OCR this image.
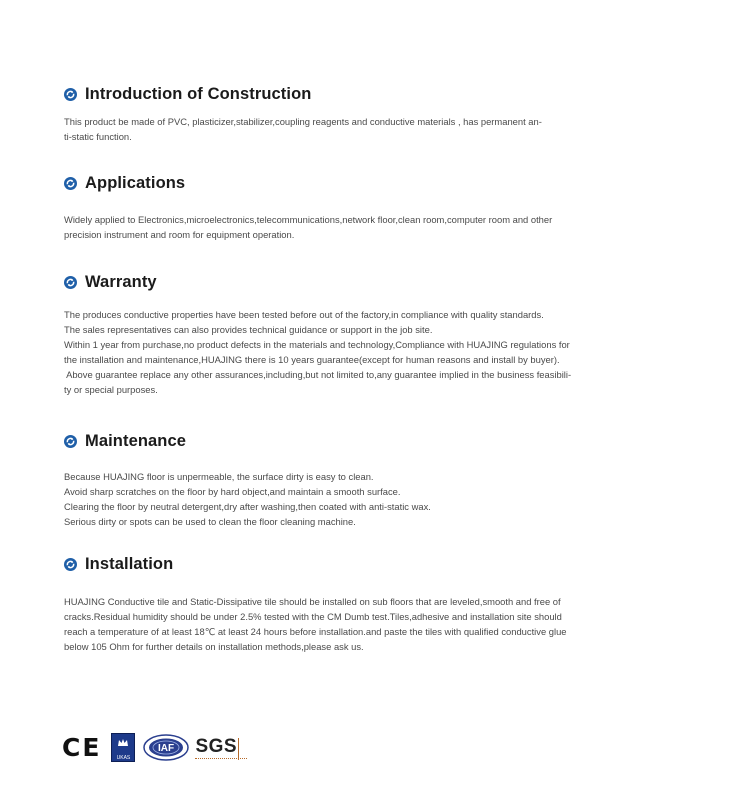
Introduction of Construction

This product be made of PVC, plasticizer,stabilizer,coupling reagents and conductive materials , has permanent an-

ti-static function.

Applications

Widely applied to Electronics,microelectronics,telecommunications,network floor,clean room,computer room and other

precision instrument and room for equipment operation.

Warranty

The produces conductive properties have been tested before out of the factory,in compliance with quality standards.

The sales representatives can also provides technical guidance or support in the job site.

Within 1 year from purchase,no product defects in the materials and technology,Compliance with HUAJING regulations for

the installation and maintenance,HUAJING there is 10 years guarantee(except for human reasons and install by buyer).

Above guarantee replace any other assurances,including,but not limited to,any guarantee implied in the business feasibili-

ty or special purposes.

Maintenance

Because HUAJING floor is unpermeable, the surface dirty is easy to clean.

Avoid sharp scratches on the floor by hard object,and maintain a smooth surface.

Clearing the floor by neutral detergent,dry after washing,then coated with anti-static wax.

Serious dirty or spots can be used to clean the floor cleaning machine.

Installation

HUAJING Conductive tile and Static-Dissipative tile should be installed on sub floors that are leveled,smooth and free of

cracks.Residual humidity should be under 2.5% tested with the CM Dumb test.Tiles,adhesive and installation site should

reach a temperature of at least 18℃ at least 24 hours before installation.and paste the tiles with qualified conductive glue

below 105 Ohm for further details on installation methods,please ask us.

CE	UKAS
IAF SGS
